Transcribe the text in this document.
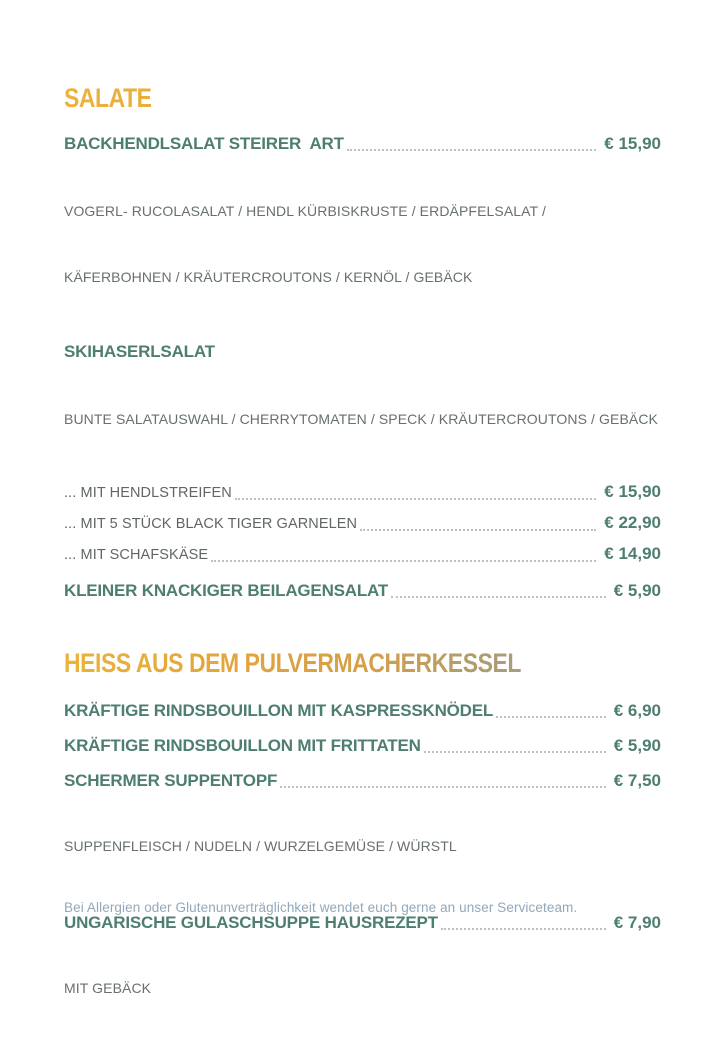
SALATE
BACKHENDLSALAT STEIRER  ART	€ 15,90

VOGERL- RUCOLASALAT / HENDL KÜRBISKRUSTE / ERDÄPFELSALAT /

KÄFERBOHNEN / KRÄUTERCROUTONS / KERNÖL / GEBÄCK

SKIHASERLSALAT

BUNTE SALATAUSWAHL / CHERRYTOMATEN / SPECK / KRÄUTERCROUTONS / GEBÄCK

... MIT HENDLSTREIFEN	€ 15,90
... MIT 5 STÜCK BLACK TIGER GARNELEN	€ 22,90
... MIT SCHAFSKÄSE	€ 14,90
KLEINER KNACKIGER BEILAGENSALAT	€ 5,90
HEISS AUS DEM PULVERMACHERKESSEL
KRÄFTIGE RINDSBOUILLON MIT KASPRESSKNÖDEL	€ 6,90
KRÄFTIGE RINDSBOUILLON MIT FRITTATEN	€ 5,90
SCHERMER SUPPENTOPF	€ 7,50

SUPPENFLEISCH / NUDELN / WURZELGEMÜSE / WÜRSTL

UNGARISCHE GULASCHSUPPE HAUSREZEPT	€ 7,90

MIT GEBÄCK

Bei Allergien oder Glutenunverträglichkeit wendet euch gerne an unser Serviceteam.
